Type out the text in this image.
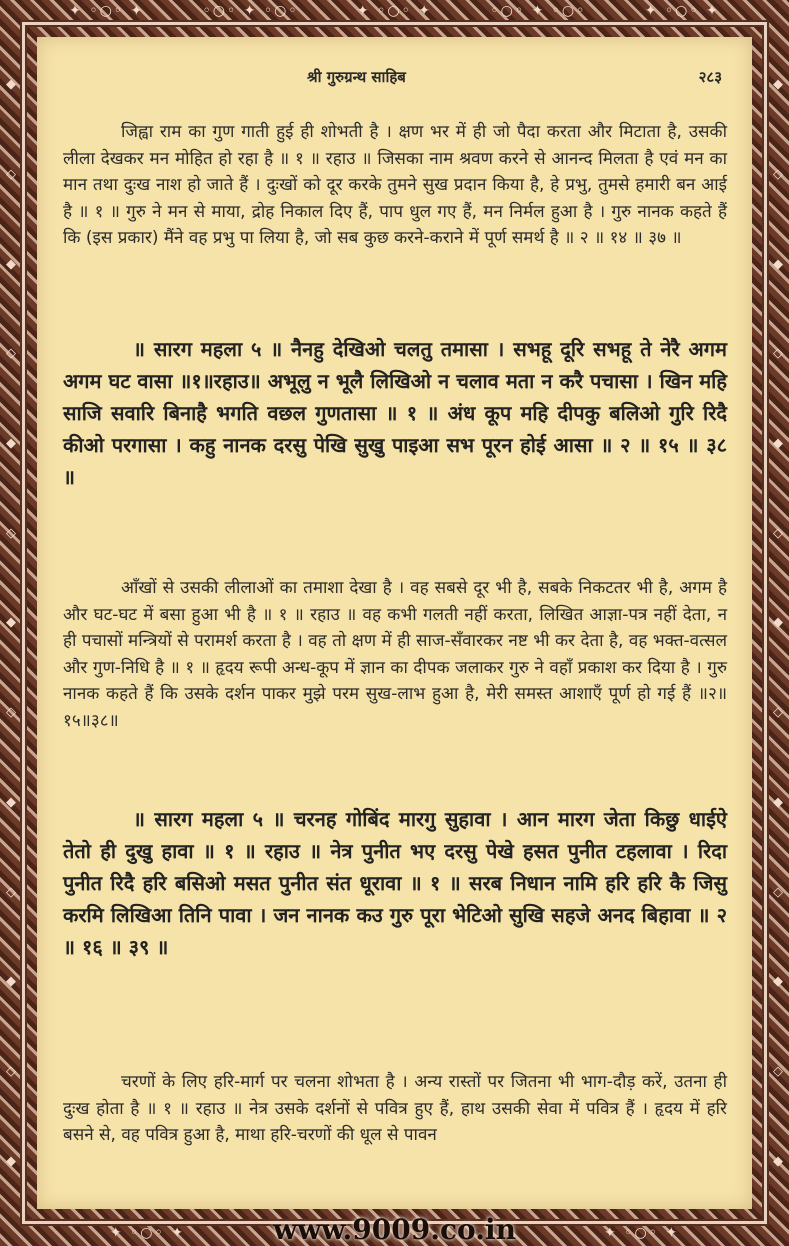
✦ ◦○◦ ✦	◦○◦ ✦ ◦○◦	✦ ◦○◦ ✦	◦○◦ ✦ ◦○◦	✦ ◦○◦ ✦
◆
◇
◆
◇
◆
◇
◆
◇
◆
◇
◆
◇
◆
◆
◇
◆
◇
◆
◇
◆
◇
◆
◇
◆
◇
◆
श्री गुरुग्रन्थ साहिब	२८३

जिह्वा राम का गुण गाती हुई ही शोभती है । क्षण भर में ही जो पैदा करता और मिटाता है, उसकी लीला देखकर मन मोहित हो रहा है ॥ १ ॥ रहाउ ॥ जिसका नाम श्रवण करने से आनन्द मिलता है एवं मन का मान तथा दुःख नाश हो जाते हैं । दुःखों को दूर करके तुमने सुख प्रदान किया है, हे प्रभु, तुमसे हमारी बन आई है ॥ १ ॥ गुरु ने मन से माया, द्रोह निकाल दिए हैं, पाप धुल गए हैं, मन निर्मल हुआ है । गुरु नानक कहते हैं कि (इस प्रकार) मैंने वह प्रभु पा लिया है, जो सब कुछ करने-कराने में पूर्ण समर्थ है ॥ २ ॥ १४ ॥ ३७ ॥

॥ सारग महला ५ ॥ नैनहु देखिओ चलतु तमासा । सभहू दूरि सभहू ते नेरै अगम अगम घट वासा ॥१॥रहाउ॥ अभूलु न भूलै लिखिओ न चलाव मता न करै पचासा । खिन महि साजि सवारि बिनाहै भगति वछल गुणतासा ॥ १ ॥ अंध कूप महि दीपकु बलिओ गुरि रिदै कीओ परगासा । कहु नानक दरसु पेखि सुखु पाइआ सभ पूरन होई आसा ॥ २ ॥ १५ ॥ ३८ ॥

आँखों से उसकी लीलाओं का तमाशा देखा है । वह सबसे दूर भी है, सबके निकटतर भी है, अगम है और घट-घट में बसा हुआ भी है ॥ १ ॥ रहाउ ॥ वह कभी गलती नहीं करता, लिखित आज्ञा-पत्र नहीं देता, न ही पचासों मन्त्रियों से परामर्श करता है । वह तो क्षण में ही साज-सँवारकर नष्ट भी कर देता है, वह भक्त-वत्सल और गुण-निधि है ॥ १ ॥ हृदय रूपी अन्ध-कूप में ज्ञान का दीपक जलाकर गुरु ने वहाँ प्रकाश कर दिया है । गुरु नानक कहते हैं कि उसके दर्शन पाकर मुझे परम सुख-लाभ हुआ है, मेरी समस्त आशाएँ पूर्ण हो गई हैं ॥२॥१५॥३८॥

॥ सारग महला ५ ॥ चरनह गोबिंद मारगु सुहावा । आन मारग जेता किछु धाईऐ तेतो ही दुखु हावा ॥ १ ॥ रहाउ ॥ नेत्र पुनीत भए दरसु पेखे हसत पुनीत टहलावा । रिदा पुनीत रिदै हरि बसिओ मसत पुनीत संत धूरावा ॥ १ ॥ सरब निधान नामि हरि हरि कै जिसु करमि लिखिआ तिनि पावा । जन नानक कउ गुरु पूरा भेटिओ सुखि सहजे अनद बिहावा ॥ २ ॥ १६ ॥ ३९ ॥

चरणों के लिए हरि-मार्ग पर चलना शोभता है । अन्य रास्तों पर जितना भी भाग-दौड़ करें, उतना ही दुःख होता है ॥ १ ॥ रहाउ ॥ नेत्र उसके दर्शनों से पवित्र हुए हैं, हाथ उसकी सेवा में पवित्र हैं । हृदय में हरि बसने से, वह पवित्र हुआ है, माथा हरि-चरणों की धूल से पावन

✦ ◦○◦ ✦	✦ ◦○◦ ✦
www.9009.co.in
